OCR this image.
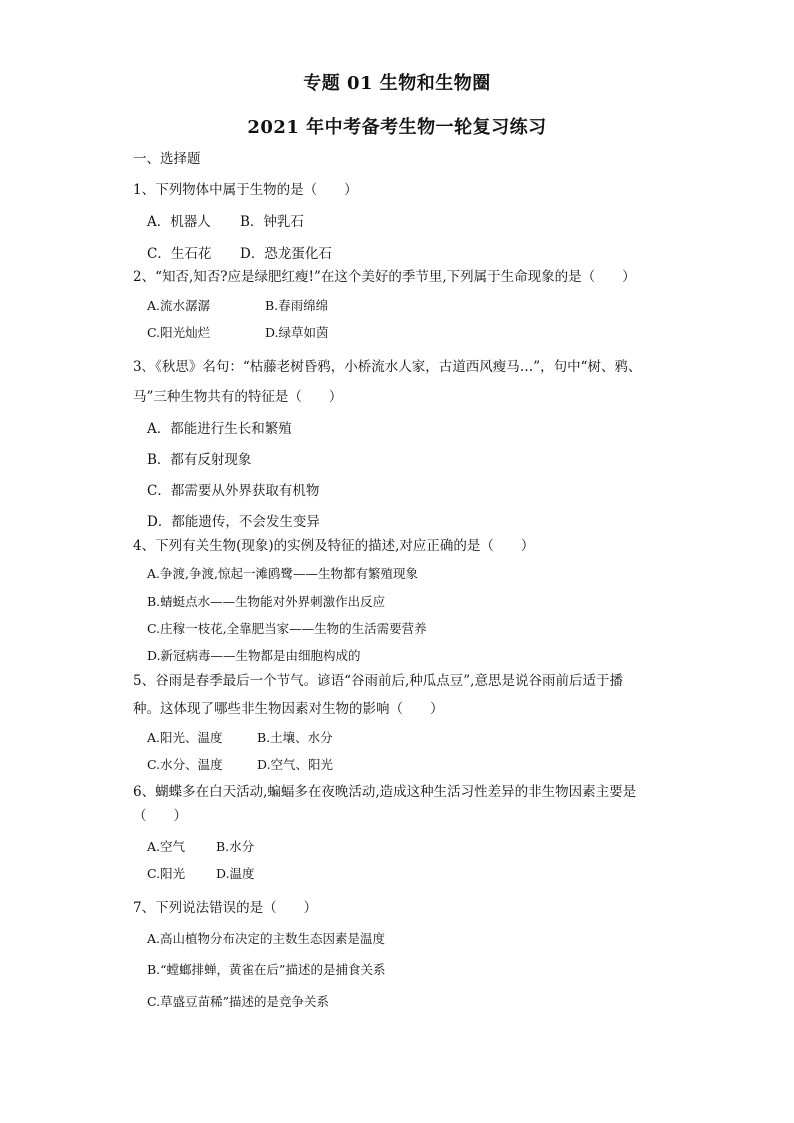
专题 01 生物和生物圈
2021 年中考备考生物一轮复习练习
一、选择题
1、下列物体中属于生物的是（　　）
A．机器人 B．钟乳石
C．生石花 D．恐龙蛋化石
2、“知否,知否?应是绿肥红瘦!”在这个美好的季节里,下列属于生命现象的是（　　）
A.流水潺潺	B.春雨绵绵
C.阳光灿烂	D.绿草如茵
3､《秋思》名句：“枯藤老树昏鸦，小桥流水人家，古道西风瘦马…”，句中“树、鸦、
马”三种生物共有的特征是（　　）
A．都能进行生长和繁殖
B．都有反射现象
C．都需要从外界获取有机物
D．都能遗传，不会发生变异
4、下列有关生物(现象)的实例及特征的描述,对应正确的是（　　）
A.争渡,争渡,惊起一滩鸥鹭——生物都有繁殖现象
B.蜻蜓点水——生物能对外界刺激作出反应
C.庄稼一枝花,全靠肥当家——生物的生活需要营养
D.新冠病毒——生物都是由细胞构成的
5、谷雨是春季最后一个节气。谚语“谷雨前后,种瓜点豆”,意思是说谷雨前后适于播
种。这体现了哪些非生物因素对生物的影响（　　）
A.阳光、温度	B.土壤、水分
C.水分、温度	D.空气、阳光
6、蝴蝶多在白天活动,蝙蝠多在夜晚活动,造成这种生活习性差异的非生物因素主要是
（　　）
A.空气 B.水分
C.阳光 D.温度
7、下列说法错误的是（　　）
A.高山植物分布决定的主数生态因素是温度
B.“螳螂排蝉，黄雀在后”描述的是捕食关系
C.草盛豆苗稀”描述的是竞争关系
